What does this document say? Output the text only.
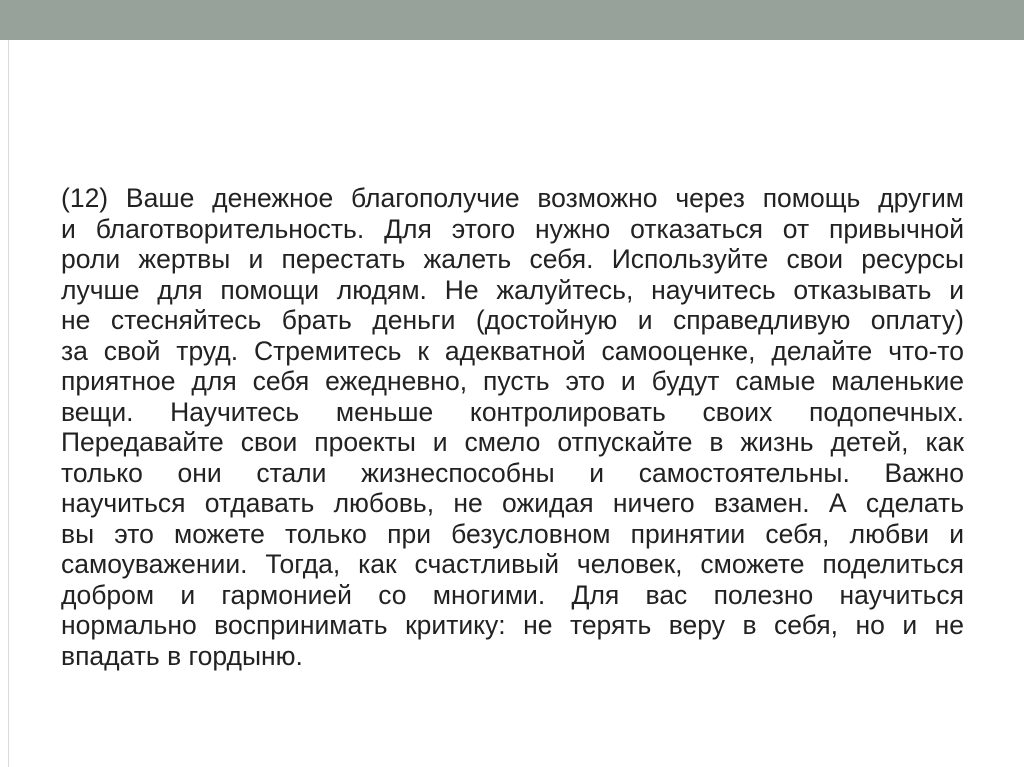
(12) Ваше денежное благополучие возможно через помощь другим
и благотворительность. Для этого нужно отказаться от привычной
роли жертвы и перестать жалеть себя. Используйте свои ресурсы
лучше для помощи людям. Не жалуйтесь, научитесь отказывать и
не стесняйтесь брать деньги (достойную и справедливую оплату)
за свой труд. Стремитесь к адекватной самооценке, делайте что-то
приятное для себя ежедневно, пусть это и будут самые маленькие
вещи. Научитесь меньше контролировать своих подопечных.
Передавайте свои проекты и смело отпускайте в жизнь детей, как
только они стали жизнеспособны и самостоятельны. Важно
научиться отдавать любовь, не ожидая ничего взамен. А сделать
вы это можете только при безусловном принятии себя, любви и
самоуважении. Тогда, как счастливый человек, сможете поделиться
добром и гармонией со многими. Для вас полезно научиться
нормально воспринимать критику: не терять веру в себя, но и не
впадать в гордыню.
